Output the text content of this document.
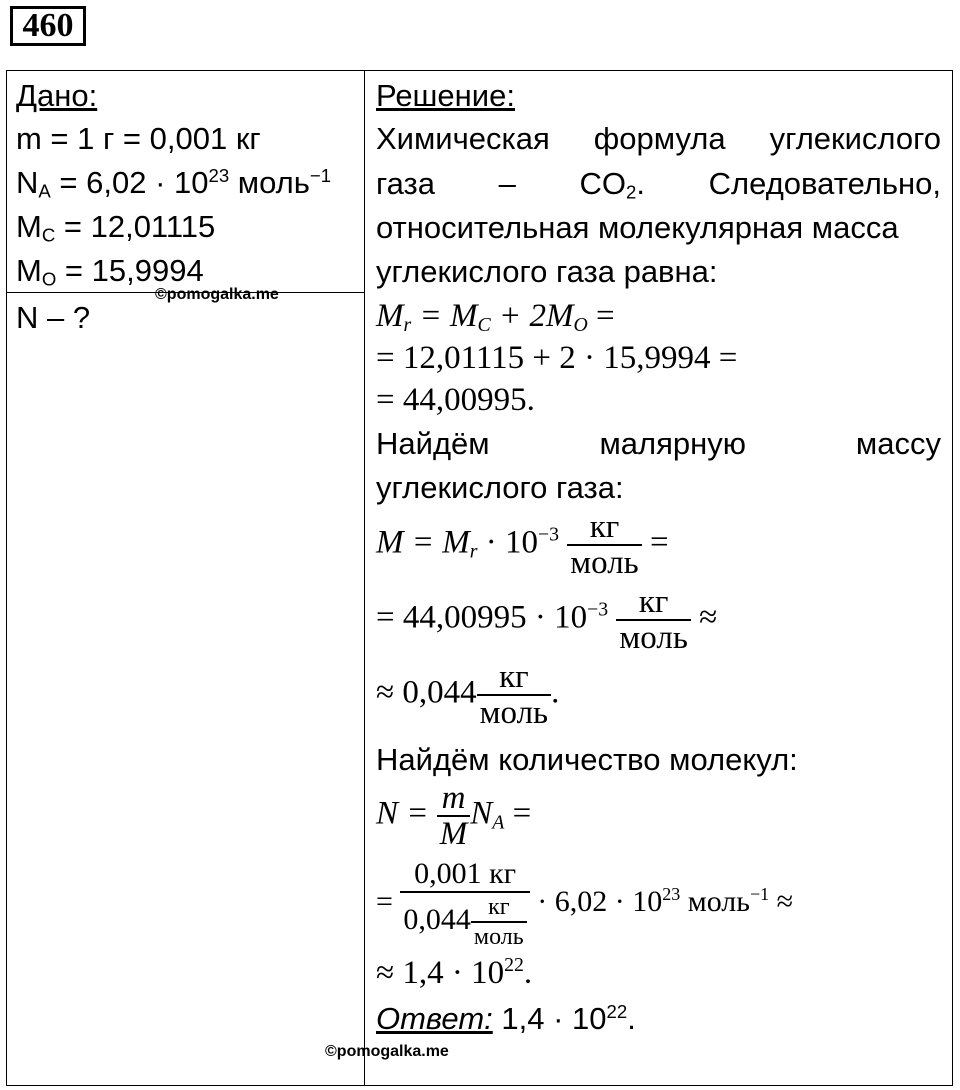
460
Дано:
m = 1 г = 0,001 кг
$N_A = 6,02 \cdot 10^{23}$ моль$^{-1}$
$M_C = 12,01115$
$M_O = 15,9994$
©pomogalka.me
N – ?
Решение:
Химическая формула углекислого
газа – $CO_2$. Следовательно,
относительная молекулярная масса
углекислого газа равна:
$M_r = M_C + 2M_O$ =
= 12,01115 + 2 · 15,9994 =
= 44,00995.
Найдём	малярную	массу
углекислого газа:
$M = M_r \cdot 10^{-3} \frac{кг}{\text{моль}}$ =
= $44,00995 \cdot 10^{-3} \frac{кг}{\text{моль}}$ ≈
≈ $0,044 \frac{кг}{\text{моль}}$ .
Найдём количество молекул:
$N = \frac{m}{M} N_A$ =
= $\frac{0,001 кг}{0,044 \frac{кг}{\text{моль}}} \cdot 6,02 \cdot 10^{23}$ моль$^{-1}$ ≈
≈ $1,4 \cdot 10^{22}$.
Ответ: $1,4 \cdot 10^{22}$.
©pomogalka.me
